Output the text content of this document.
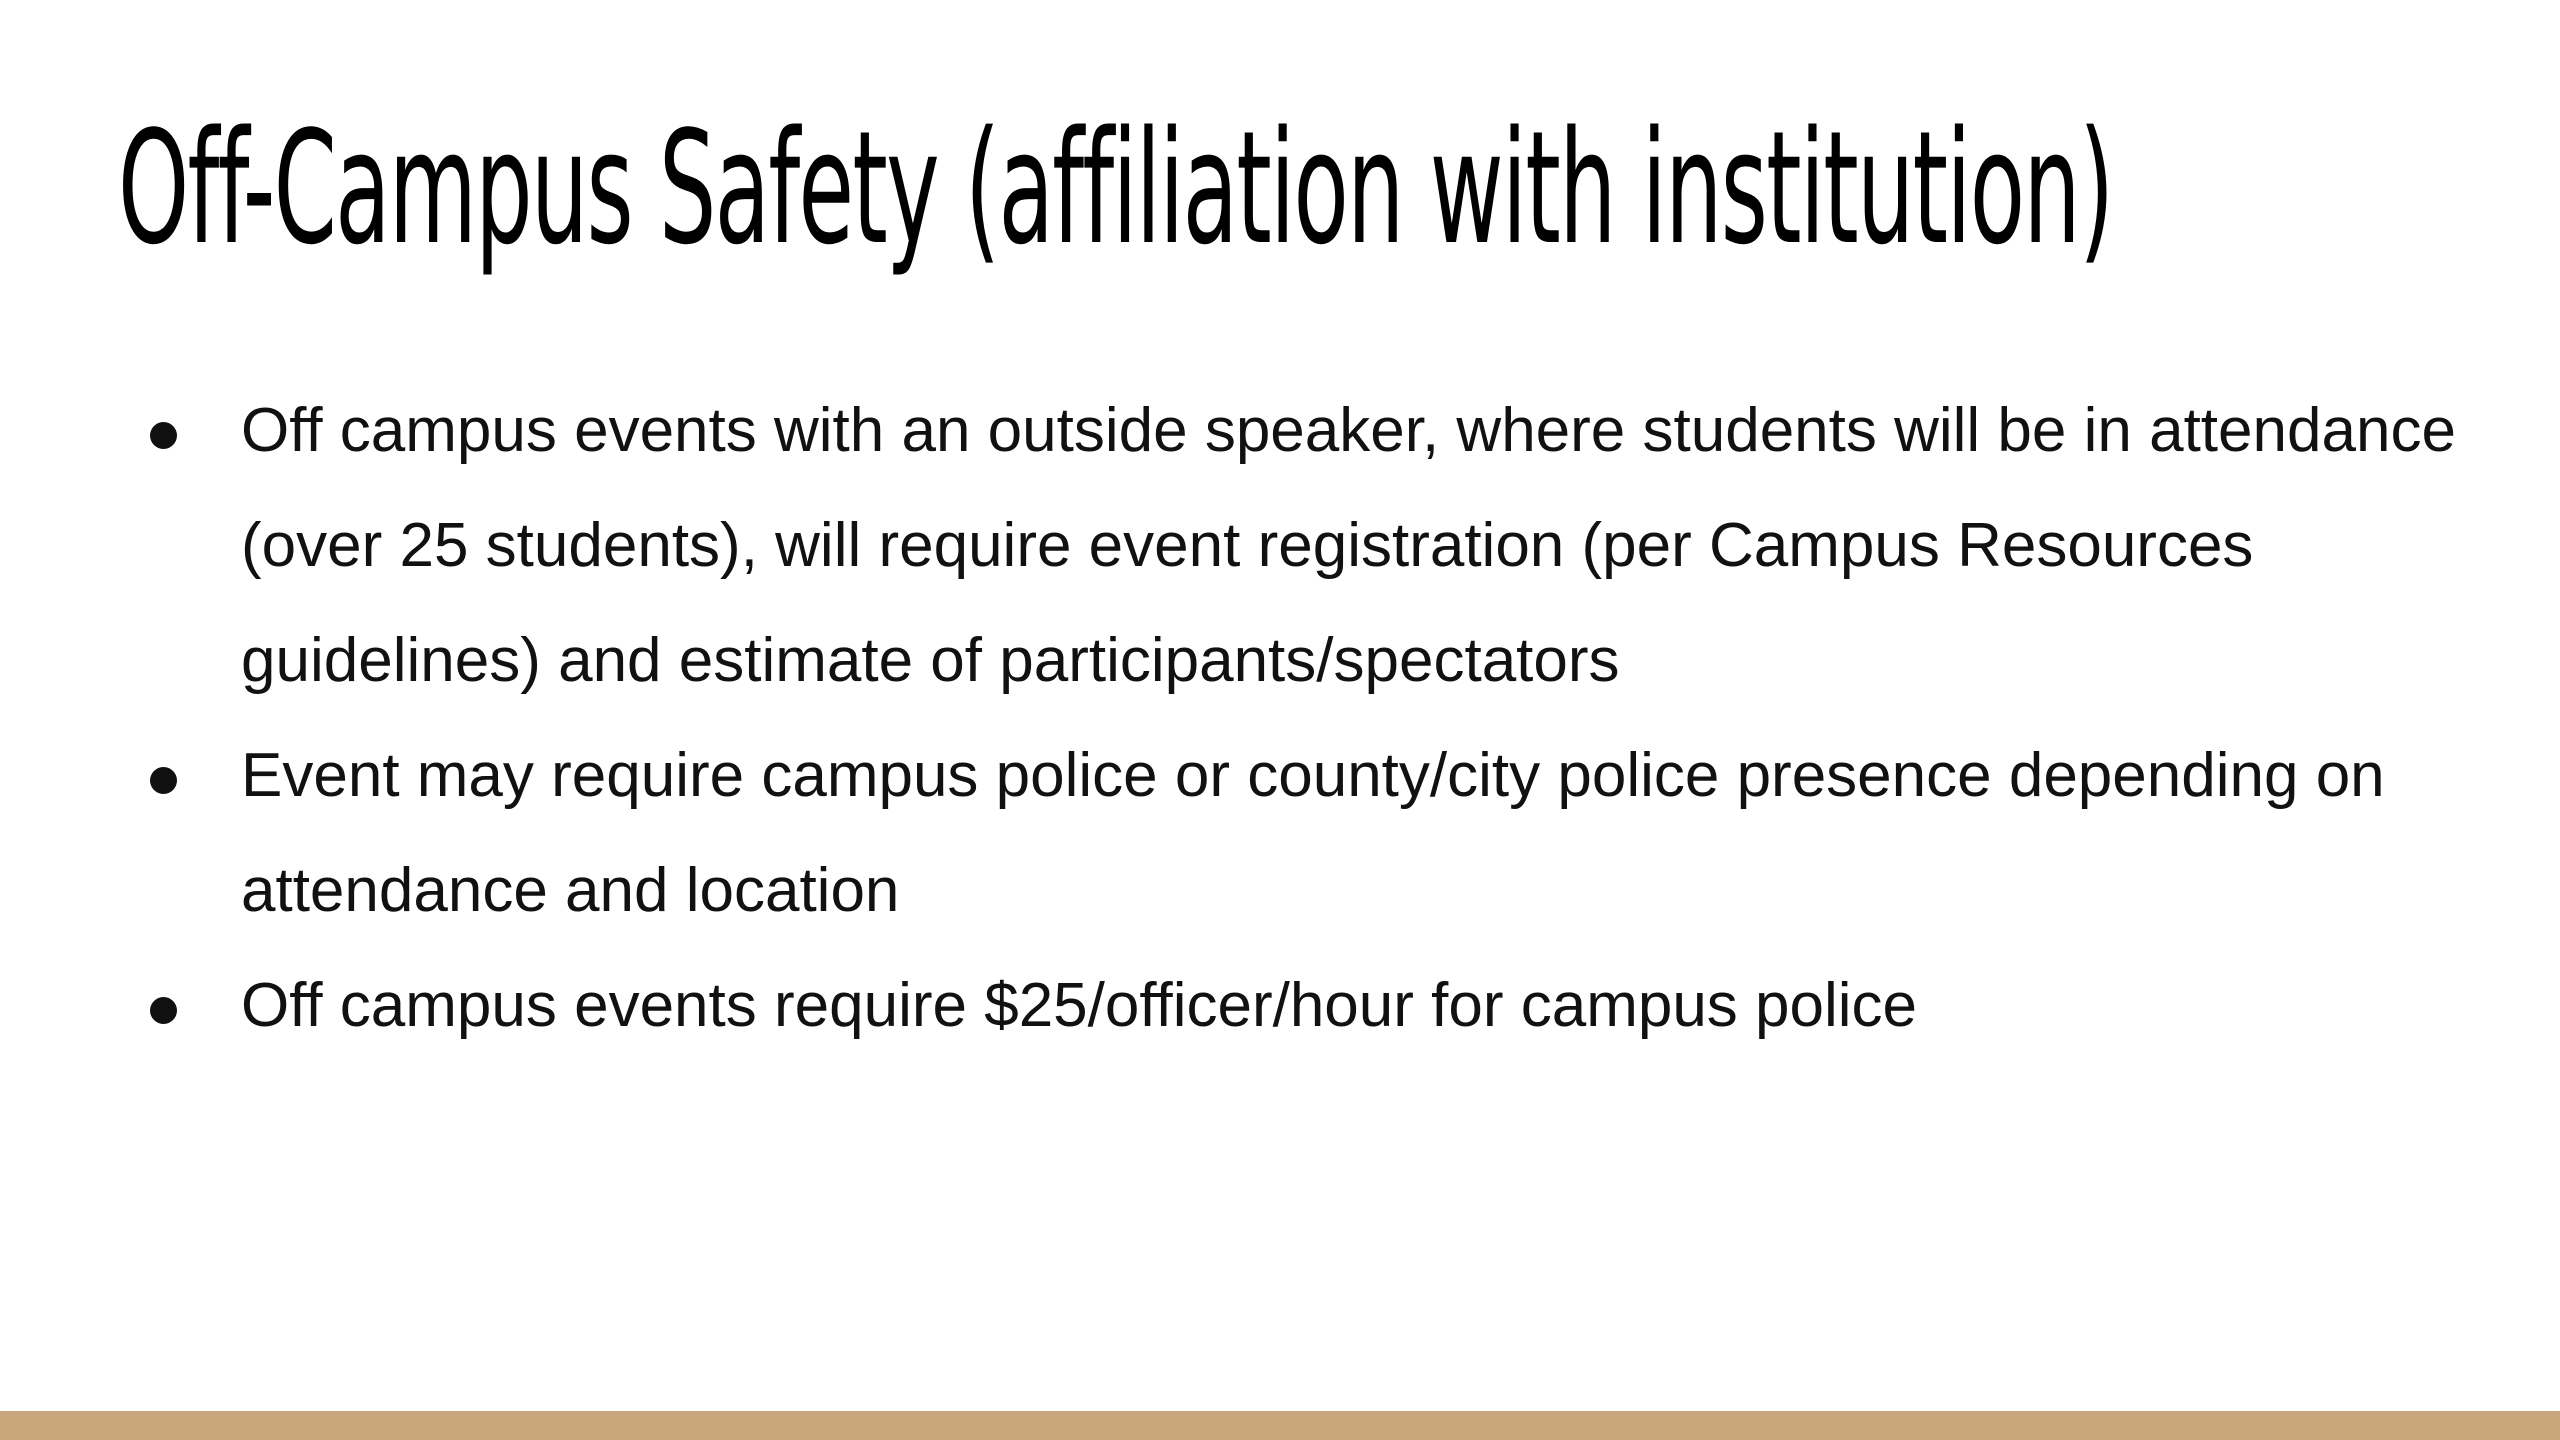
Off-Campus Safety (affiliation with institution)
Off campus events with an outside speaker, where students will be in attendance (over 25 students), will require event registration (per Campus Resources guidelines) and estimate of participants/spectators
Event may require campus police or county/city police presence depending on attendance and location
Off campus events require $25/officer/hour for campus police
